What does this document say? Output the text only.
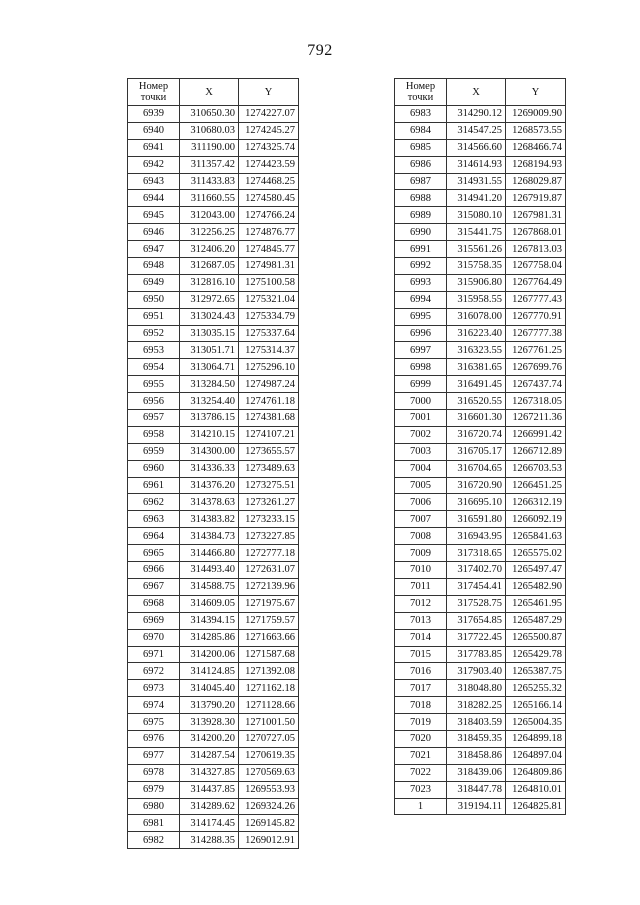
792
Номер точки	X	Y
6939	310650.30	1274227.07
6940	310680.03	1274245.27
6941	311190.00	1274325.74
6942	311357.42	1274423.59
6943	311433.83	1274468.25
6944	311660.55	1274580.45
6945	312043.00	1274766.24
6946	312256.25	1274876.77
6947	312406.20	1274845.77
6948	312687.05	1274981.31
6949	312816.10	1275100.58
6950	312972.65	1275321.04
6951	313024.43	1275334.79
6952	313035.15	1275337.64
6953	313051.71	1275314.37
6954	313064.71	1275296.10
6955	313284.50	1274987.24
6956	313254.40	1274761.18
6957	313786.15	1274381.68
6958	314210.15	1274107.21
6959	314300.00	1273655.57
6960	314336.33	1273489.63
6961	314376.20	1273275.51
6962	314378.63	1273261.27
6963	314383.82	1273233.15
6964	314384.73	1273227.85
6965	314466.80	1272777.18
6966	314493.40	1272631.07
6967	314588.75	1272139.96
6968	314609.05	1271975.67
6969	314394.15	1271759.57
6970	314285.86	1271663.66
6971	314200.06	1271587.68
6972	314124.85	1271392.08
6973	314045.40	1271162.18
6974	313790.20	1271128.66
6975	313928.30	1271001.50
6976	314200.20	1270727.05
6977	314287.54	1270619.35
6978	314327.85	1270569.63
6979	314437.85	1269553.93
6980	314289.62	1269324.26
6981	314174.45	1269145.82
6982	314288.35	1269012.91
Номер точки	X	Y
6983	314290.12	1269009.90
6984	314547.25	1268573.55
6985	314566.60	1268466.74
6986	314614.93	1268194.93
6987	314931.55	1268029.87
6988	314941.20	1267919.87
6989	315080.10	1267981.31
6990	315441.75	1267868.01
6991	315561.26	1267813.03
6992	315758.35	1267758.04
6993	315906.80	1267764.49
6994	315958.55	1267777.43
6995	316078.00	1267770.91
6996	316223.40	1267777.38
6997	316323.55	1267761.25
6998	316381.65	1267699.76
6999	316491.45	1267437.74
7000	316520.55	1267318.05
7001	316601.30	1267211.36
7002	316720.74	1266991.42
7003	316705.17	1266712.89
7004	316704.65	1266703.53
7005	316720.90	1266451.25
7006	316695.10	1266312.19
7007	316591.80	1266092.19
7008	316943.95	1265841.63
7009	317318.65	1265575.02
7010	317402.70	1265497.47
7011	317454.41	1265482.90
7012	317528.75	1265461.95
7013	317654.85	1265487.29
7014	317722.45	1265500.87
7015	317783.85	1265429.78
7016	317903.40	1265387.75
7017	318048.80	1265255.32
7018	318282.25	1265166.14
7019	318403.59	1265004.35
7020	318459.35	1264899.18
7021	318458.86	1264897.04
7022	318439.06	1264809.86
7023	318447.78	1264810.01
1	319194.11	1264825.81
